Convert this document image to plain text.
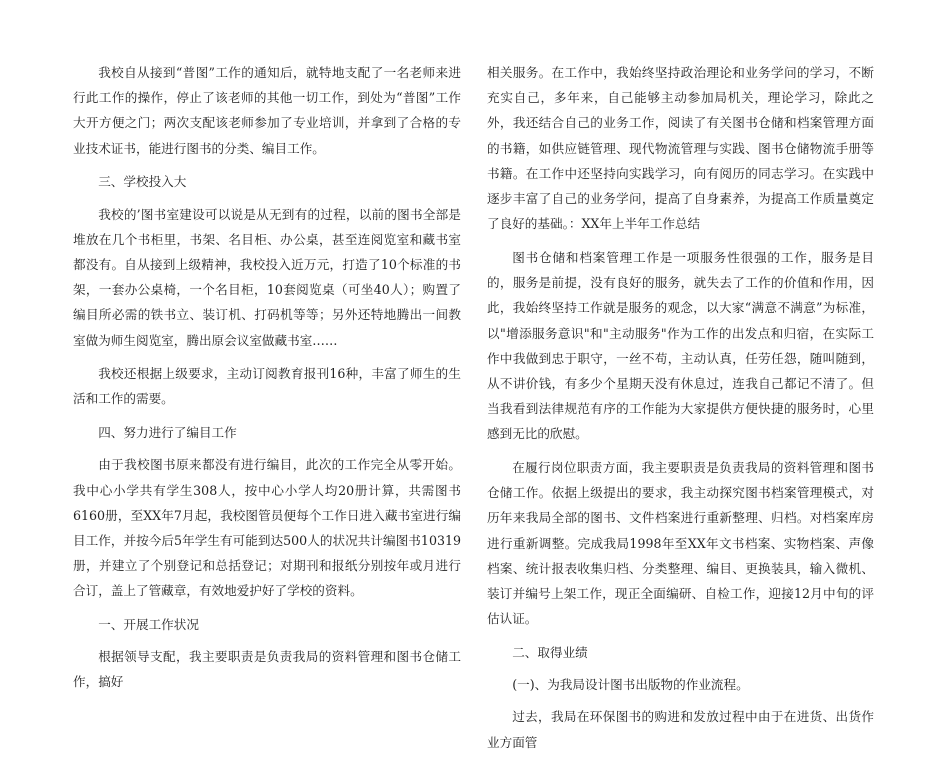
我校自从接到“普图”工作的通知后，就特地支配了一名老师来进行此工作的操作，停止了该老师的其他一切工作，到处为“普图”工作大开方便之门；两次支配该老师参加了专业培训，并拿到了合格的专业技术证书，能进行图书的分类、编目工作。

三、学校投入大

我校的’图书室建设可以说是从无到有的过程，以前的图书全部是堆放在几个书柜里，书架、名目柜、办公桌，甚至连阅览室和藏书室都没有。自从接到上级精神，我校投入近万元，打造了10个标准的书架，一套办公桌椅，一个名目柜，10套阅览桌（可坐40人）；购置了编目所必需的铁书立、装订机、打码机等等；另外还特地腾出一间教室做为师生阅览室，腾出原会议室做藏书室……

我校还根据上级要求，主动订阅教育报刊16种，丰富了师生的生活和工作的需要。

四、努力进行了编目工作

由于我校图书原来都没有进行编目，此次的工作完全从零开始。我中心小学共有学生308人，按中心小学人均20册计算，共需图书6160册，至XX年7月起，我校图管员便每个工作日进入藏书室进行编目工作，并按今后5年学生有可能到达500人的状况共计编图书10319册，并建立了个别登记和总括登记；对期刊和报纸分别按年或月进行合订，盖上了管藏章，有效地爱护好了学校的资料。

一、开展工作状况

根据领导支配，我主要职责是负责我局的资料管理和图书仓储工作，搞好

相关服务。在工作中，我始终坚持政治理论和业务学问的学习，不断充实自己，多年来，自己能够主动参加局机关，理论学习，除此之外，我还结合自己的业务工作，阅读了有关图书仓储和档案管理方面的书籍，如供应链管理、现代物流管理与实践、图书仓储物流手册等书籍。在工作中还坚持向实践学习，向有阅历的同志学习。在实践中逐步丰富了自己的业务学问，提高了自身素养，为提高工作质量奠定了良好的基础。：XX年上半年工作总结

图书仓储和档案管理工作是一项服务性很强的工作，服务是目的，服务是前提，没有良好的服务，就失去了工作的价值和作用，因此，我始终坚持工作就是服务的观念，以大家“满意不满意”为标准，以"增添服务意识"和"主动服务"作为工作的出发点和归宿，在实际工作中我做到忠于职守，一丝不苟，主动认真，任劳任怨，随叫随到，从不讲价钱，有多少个星期天没有休息过，连我自己都记不清了。但当我看到法律规范有序的工作能为大家提供方便快捷的服务时，心里感到无比的欣慰。

在履行岗位职责方面，我主要职责是负责我局的资料管理和图书仓储工作。依据上级提出的要求，我主动探究图书档案管理模式，对历年来我局全部的图书、文件档案进行重新整理、归档。对档案库房进行重新调整。完成我局1998年至XX年文书档案、实物档案、声像档案、统计报表收集归档、分类整理、编目、更换装具，输入微机、装订并编号上架工作，现正全面编研、自检工作，迎接12月中旬的评估认证。

二、取得业绩

(一)、为我局设计图书出版物的作业流程。

过去，我局在环保图书的购进和发放过程中由于在进货、出货作业方面管
